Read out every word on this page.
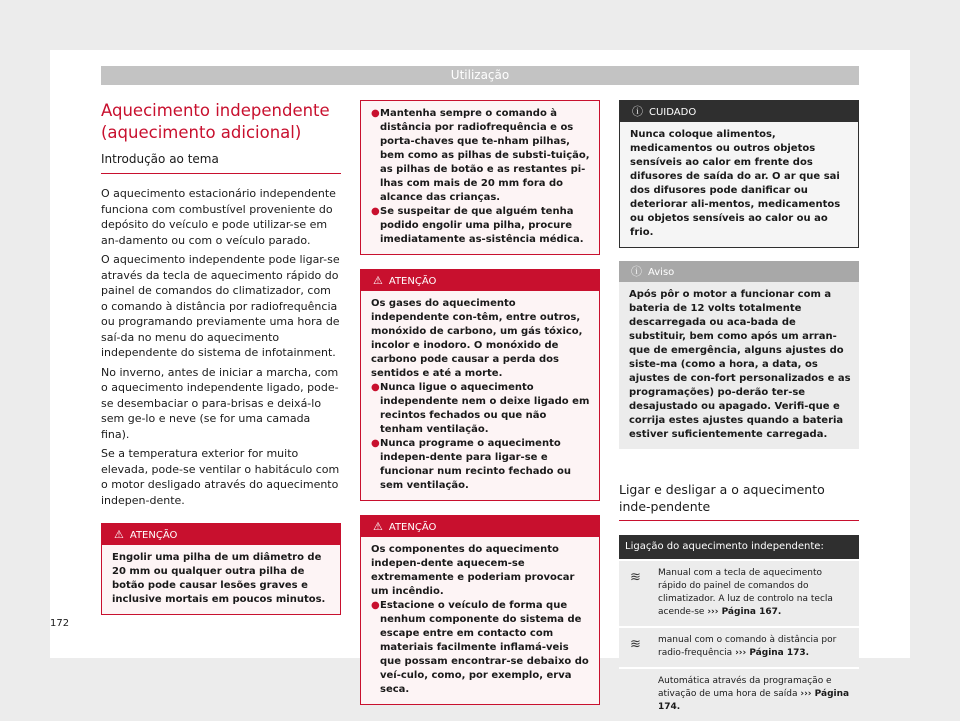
Utilização
Aquecimento independente (aquecimento adicional)
Introdução ao tema

O aquecimento estacionário independente funciona com combustível proveniente do depósito do veículo e pode utilizar-se em an-damento ou com o veículo parado.

O aquecimento independente pode ligar-se através da tecla de aquecimento rápido do painel de comandos do climatizador, com o comando à distância por radiofrequência ou programando previamente uma hora de saí-da no menu do aquecimento independente do sistema de infotainment.

No inverno, antes de iniciar a marcha, com o aquecimento independente ligado, pode-se desembaciar o para-brisas e deixá-lo sem ge-lo e neve (se for uma camada fina).

Se a temperatura exterior for muito elevada, pode-se ventilar o habitáculo com o motor desligado através do aquecimento indepen-dente.

⚠ ATENÇÃO

Engolir uma pilha de um diâmetro de 20 mm ou qualquer outra pilha de botão pode causar lesões graves e inclusive mortais em poucos minutos.

● Mantenha sempre o comando à distância por radiofrequência e os porta-chaves que te-nham pilhas, bem como as pilhas de substi-tuição, as pilhas de botão e as restantes pi-lhas com mais de 20 mm fora do alcance das crianças.

● Se suspeitar de que alguém tenha podido engolir uma pilha, procure imediatamente as-sistência médica.

⚠ ATENÇÃO

Os gases do aquecimento independente con-têm, entre outros, monóxido de carbono, um gás tóxico, incolor e inodoro. O monóxido de carbono pode causar a perda dos sentidos e até a morte.

● Nunca ligue o aquecimento independente nem o deixe ligado em recintos fechados ou que não tenham ventilação.

● Nunca programe o aquecimento indepen-dente para ligar-se e funcionar num recinto fechado ou sem ventilação.

⚠ ATENÇÃO

Os componentes do aquecimento indepen-dente aquecem-se extremamente e poderiam provocar um incêndio.

● Estacione o veículo de forma que nenhum componente do sistema de escape entre em contacto com materiais facilmente inflamá-veis que possam encontrar-se debaixo do veí-culo, como, por exemplo, erva seca.

ⓘ CUIDADO

Nunca coloque alimentos, medicamentos ou outros objetos sensíveis ao calor em frente dos difusores de saída do ar. O ar que sai dos difusores pode danificar ou deteriorar ali-mentos, medicamentos ou objetos sensíveis ao calor ou ao frio.

ⓘ Aviso

Após pôr o motor a funcionar com a bateria de 12 volts totalmente descarregada ou aca-bada de substituir, bem como após um arran-que de emergência, alguns ajustes do siste-ma (como a hora, a data, os ajustes de con-fort personalizados e as programações) po-derão ter-se desajustado ou apagado. Verifi-que e corrija estes ajustes quando a bateria estiver suficientemente carregada.

Ligar e desligar a o aquecimento inde-pendente
Ligação do aquecimento independente:
≋	Manual com a tecla de aquecimento rápido do painel de comandos do climatizador. A luz de controlo na tecla acende-se ››› Página 167.
≋	manual com o comando à distância por radio-frequência ››› Página 173.
Automática através da programação e ativação de uma hora de saída ››› Página 174.
172
